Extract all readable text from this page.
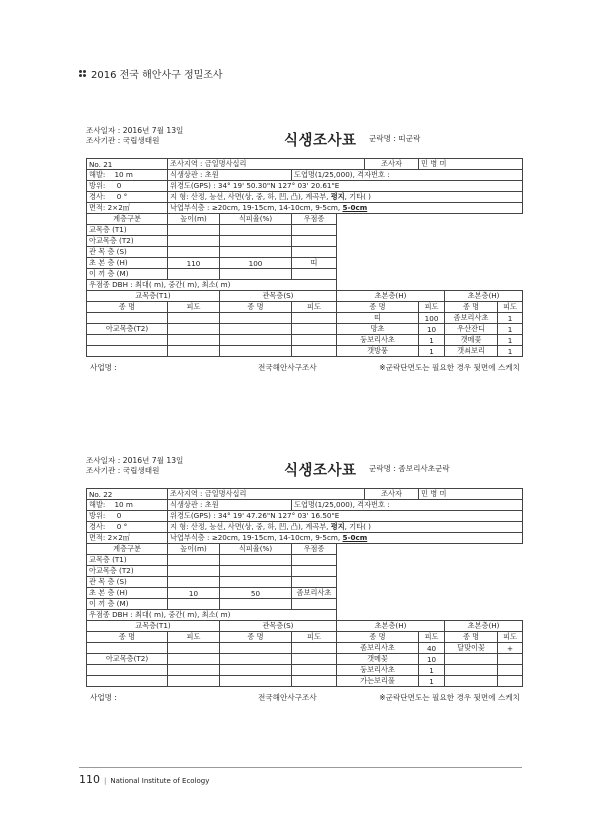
2016 전국 해안사구 정밀조사
조사일자 : 2016년 7월 13일
조사기관 : 국립생태원	식생조사표 군락명 : 띠군락
No. 21	조사지역 : 금일명사십리				조사자	민 병 미		
해발: 10 m	식생상관 : 초원		도엽명(1/25,000), 격자번호 :					
방위: 0	위경도(GPS) : 34° 19' 50.30"N 127° 03' 20.61"E							
경사: 0 °	지 형: 산정, 능선, 사면(상, 중, 하, 凹, 凸), 계곡부, 평지, 기타( )							
면적: 2×2㎡	낙엽부식층 : ≥20cm, 19-15cm, 14-10cm, 9-5cm, 5-0cm							
계층구분	높이(m)	식피율(%)	우점종					
교목층 (T1)								
아교목층 (T2)								
관 목 층 (S)								
초 본 층 (H)	110	100	띠					
이 끼 층 (M)								
우점종 DBH : 최대( m), 중간( m), 최소( m)								
교목층(T1)		관목층(S)		초본층(H)			초본층(H)	
종 명	피도	종 명	피도	종 명		피도	종 명	피도
				띠		100	좀보리사초	1
아교목층(T2)				망초		10	우산잔디	1
				둥보리사초		1	갯메꽃	1
				갯방풍		1	갯쇠보리	1
사업명 :	전국해안사구조사	※군락단면도는 필요한 경우 뒷면에 스케치
조사일자 : 2016년 7월 13일
조사기관 : 국립생태원	식생조사표 군락명 : 좀보리사초군락
No. 22	조사지역 : 금일명사십리				조사자	민 병 미		
해발: 10 m	식생상관 : 초원		도엽명(1/25,000), 격자번호 :					
방위: 0	위경도(GPS) : 34° 19' 47.26"N 127° 03' 16.50"E							
경사: 0 °	지 형: 산정, 능선, 사면(상, 중, 하, 凹, 凸), 계곡부, 평지, 기타( )							
면적: 2×2㎡	낙엽부식층 : ≥20cm, 19-15cm, 14-10cm, 9-5cm, 5-0cm							
계층구분	높이(m)	식피율(%)	우점종					
교목층 (T1)								
아교목층 (T2)								
관 목 층 (S)								
초 본 층 (H)	10	50	좀보리사초					
이 끼 층 (M)								
우점종 DBH : 최대( m), 중간( m), 최소( m)								
교목층(T1)		관목층(S)		초본층(H)			초본층(H)	
종 명	피도	종 명	피도	종 명		피도	종 명	피도
				좀보리사초		40	달맞이꽃	+
아교목층(T2)				갯메꽃		10		
				둥보리사초		1		
				가는보리풀		1		
사업명 :	전국해안사구조사	※군락단면도는 필요한 경우 뒷면에 스케치
110 | National Institute of Ecology
